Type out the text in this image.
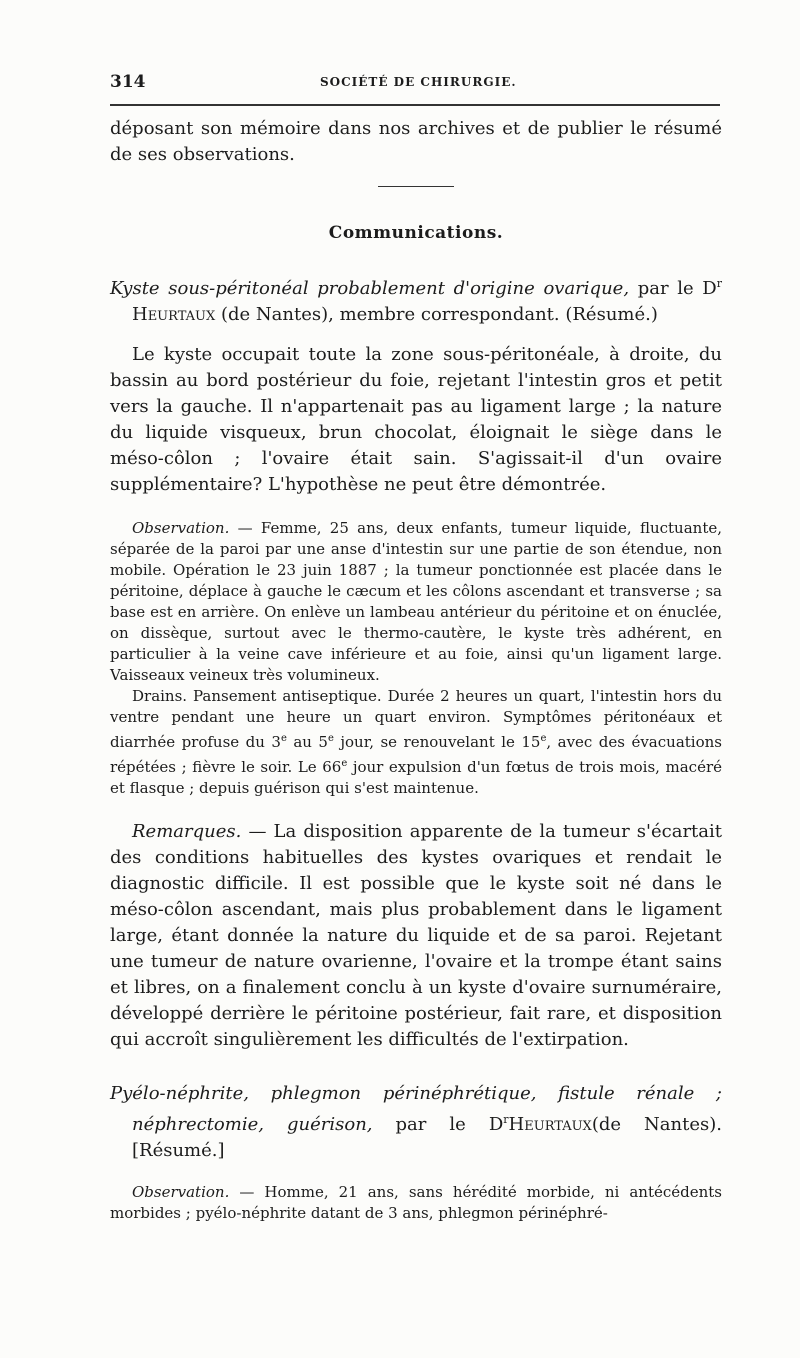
314	SOCIÉTÉ DE CHIRURGIE.

déposant son mémoire dans nos archives et de publier le résumé de ses observations.

Communications.

Kyste sous-péritonéal probablement d'origine ovarique, par le $D^r$ Heurtaux (de Nantes), membre correspondant. (Résumé.)

Le kyste occupait toute la zone sous-péritonéale, à droite, du bassin au bord postérieur du foie, rejetant l'intestin gros et petit vers la gauche. Il n'appartenait pas au ligament large ; la nature du liquide visqueux, brun chocolat, éloignait le siège dans le méso-côlon ; l'ovaire était sain. S'agissait-il d'un ovaire supplémentaire? L'hypothèse ne peut être démontrée.

Observation. — Femme, 25 ans, deux enfants, tumeur liquide, fluctuante, séparée de la paroi par une anse d'intestin sur une partie de son étendue, non mobile. Opération le 23 juin 1887 ; la tumeur ponctionnée est placée dans le péritoine, déplace à gauche le cæcum et les côlons ascendant et transverse ; sa base est en arrière. On enlève un lambeau antérieur du péritoine et on énuclée, on dissèque, surtout avec le thermo-cautère, le kyste très adhérent, en particulier à la veine cave inférieure et au foie, ainsi qu'un ligament large. Vaisseaux veineux très volumineux.

Drains. Pansement antiseptique. Durée 2 heures un quart, l'intestin hors du ventre pendant une heure un quart environ. Symptômes péritonéaux et diarrhée profuse du 3e au 5e jour, se renouvelant le 15e, avec des évacuations répétées ; fièvre le soir. Le 66e jour expulsion d'un fœtus de trois mois, macéré et flasque ; depuis guérison qui s'est maintenue.

Remarques. — La disposition apparente de la tumeur s'écartait des conditions habituelles des kystes ovariques et rendait le diagnostic difficile. Il est possible que le kyste soit né dans le méso-côlon ascendant, mais plus probablement dans le ligament large, étant donnée la nature du liquide et de sa paroi. Rejetant une tumeur de nature ovarienne, l'ovaire et la trompe étant sains et libres, on a finalement conclu à un kyste d'ovaire surnuméraire, développé derrière le péritoine postérieur, fait rare, et disposition qui accroît singulièrement les difficultés de l'extirpation.

Pyélo-néphrite, phlegmon périnéphrétique, fistule rénale ; néphrectomie, guérison, par le $D^rHeurtaux(de$ Nantes). [Résumé.]

Observation. — Homme, 21 ans, sans hérédité morbide, ni antécédents morbides ; pyélo-néphrite datant de 3 ans, phlegmon périnéphré-
